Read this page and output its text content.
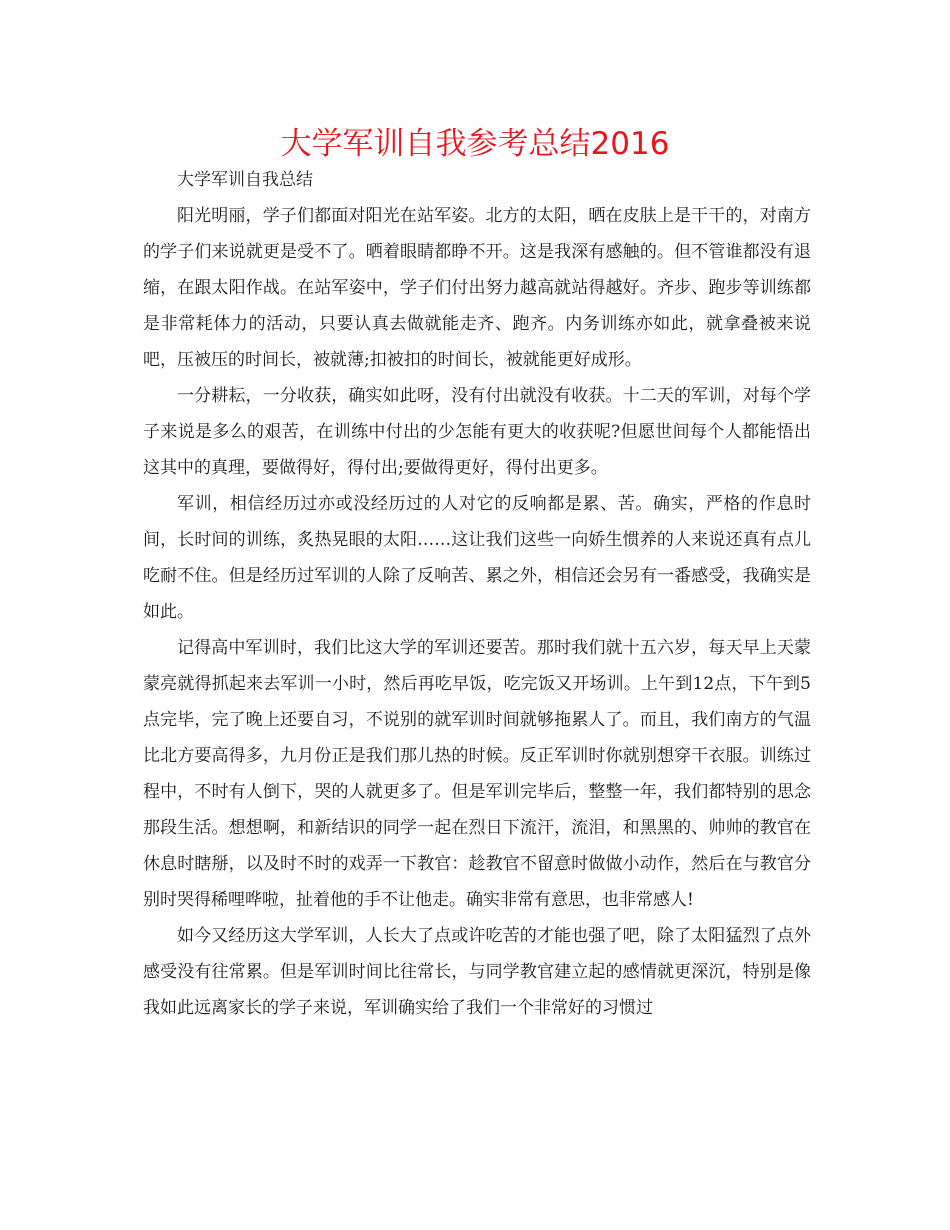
大学军训自我参考总结2016
大学军训自我总结

阳光明丽，学子们都面对阳光在站军姿。北方的太阳，晒在皮肤上是干干的，对南方的学子们来说就更是受不了。晒着眼睛都睁不开。这是我深有感触的。但不管谁都没有退缩，在跟太阳作战。在站军姿中，学子们付出努力越高就站得越好。齐步、跑步等训练都是非常耗体力的活动，只要认真去做就能走齐、跑齐。内务训练亦如此，就拿叠被来说吧，压被压的时间长，被就薄;扣被扣的时间长，被就能更好成形。

一分耕耘，一分收获，确实如此呀，没有付出就没有收获。十二天的军训，对每个学子来说是多么的艰苦，在训练中付出的少怎能有更大的收获呢?但愿世间每个人都能悟出这其中的真理，要做得好，得付出;要做得更好，得付出更多。

军训，相信经历过亦或没经历过的人对它的反响都是累、苦。确实，严格的作息时间，长时间的训练，炙热晃眼的太阳……这让我们这些一向娇生惯养的人来说还真有点儿吃耐不住。但是经历过军训的人除了反响苦、累之外，相信还会另有一番感受，我确实是如此。

记得高中军训时，我们比这大学的军训还要苦。那时我们就十五六岁，每天早上天蒙蒙亮就得抓起来去军训一小时，然后再吃早饭，吃完饭又开场训。上午到12点，下午到5点完毕，完了晚上还要自习，不说别的就军训时间就够拖累人了。而且，我们南方的气温比北方要高得多，九月份正是我们那儿热的时候。反正军训时你就别想穿干衣服。训练过程中，不时有人倒下，哭的人就更多了。但是军训完毕后，整整一年，我们都特别的思念那段生活。想想啊，和新结识的同学一起在烈日下流汗，流泪，和黑黑的、帅帅的教官在休息时瞎掰，以及时不时的戏弄一下教官：趁教官不留意时做做小动作，然后在与教官分别时哭得稀哩哗啦，扯着他的手不让他走。确实非常有意思，也非常感人!

如今又经历这大学军训，人长大了点或许吃苦的才能也强了吧，除了太阳猛烈了点外感受没有往常累。但是军训时间比往常长，与同学教官建立起的感情就更深沉，特别是像我如此远离家长的学子来说，军训确实给了我们一个非常好的习惯过
